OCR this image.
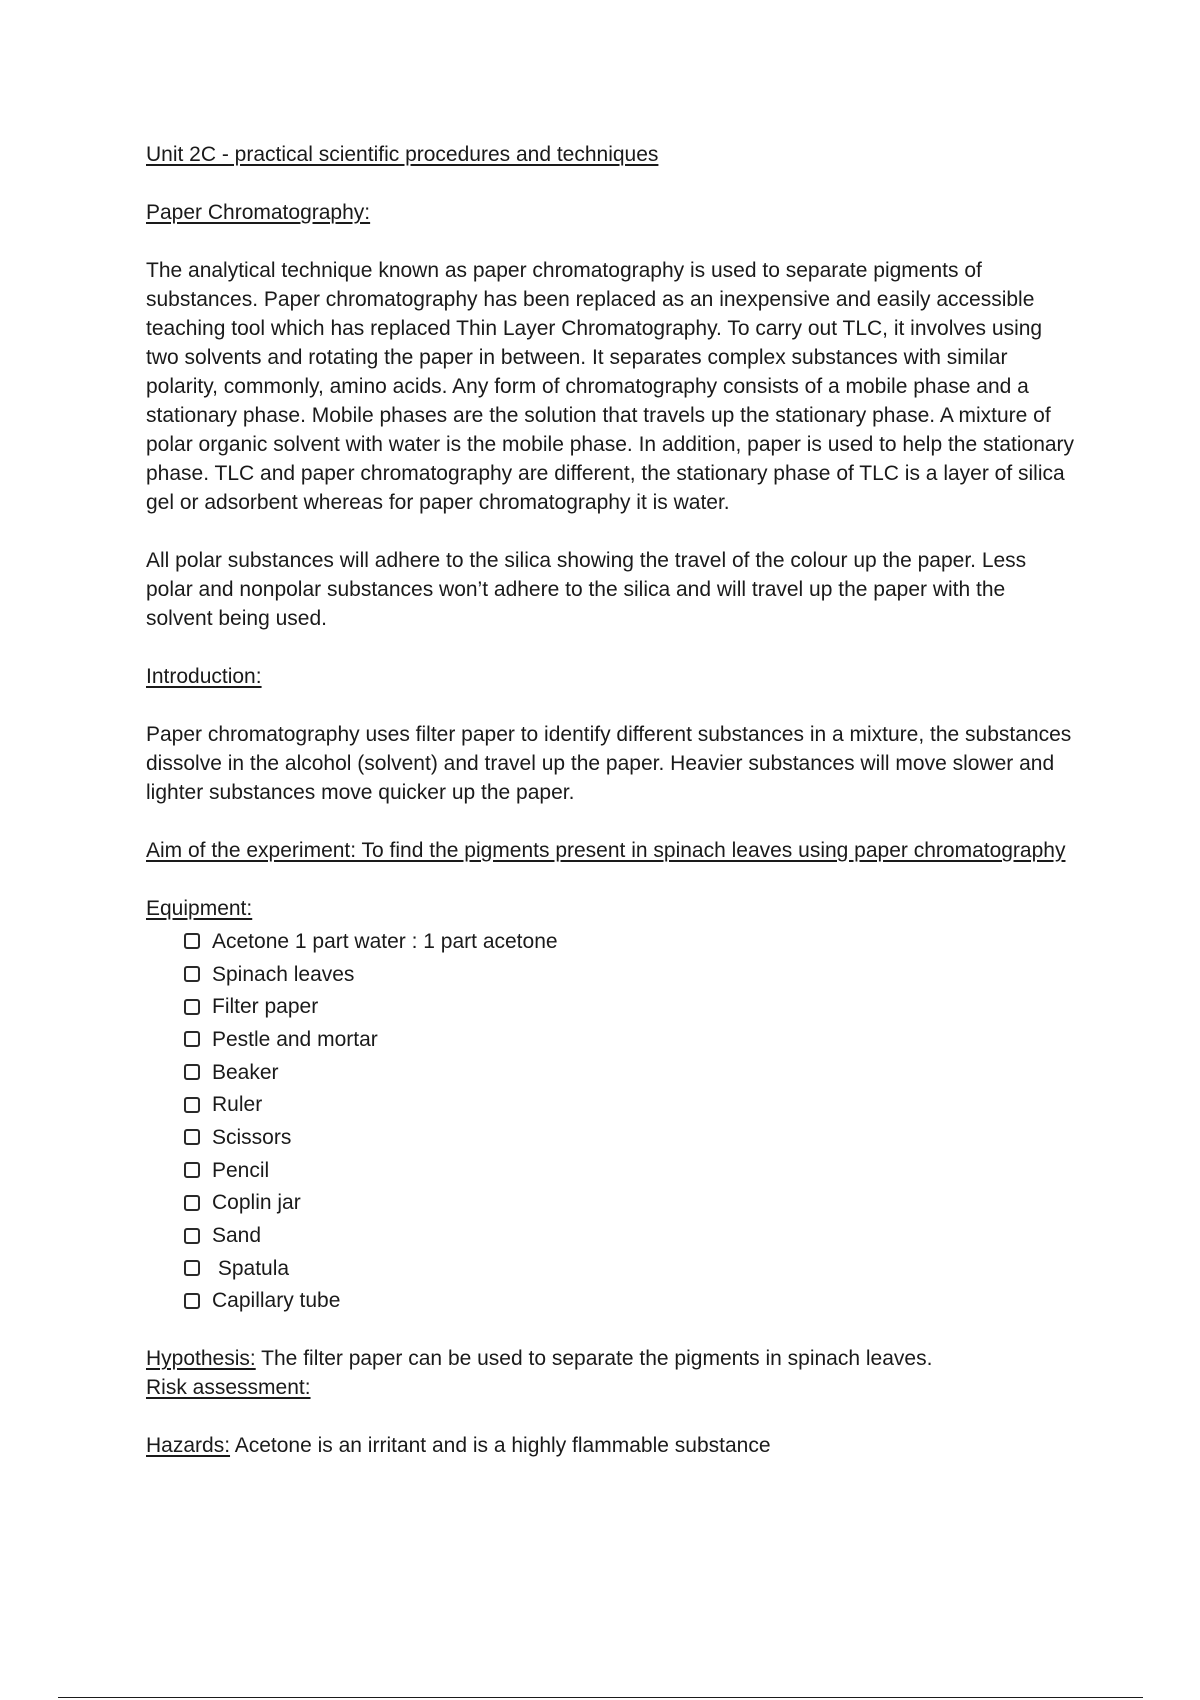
Unit 2C - practical scientific procedures and techniques

Paper Chromatography:

The analytical technique known as paper chromatography is used to separate pigments of substances. Paper chromatography has been replaced as an inexpensive and easily accessible teaching tool which has replaced Thin Layer Chromatography. To carry out TLC, it involves using two solvents and rotating the paper in between. It separates complex substances with similar polarity, commonly, amino acids. Any form of chromatography consists of a mobile phase and a stationary phase. Mobile phases are the solution that travels up the stationary phase. A mixture of polar organic solvent with water is the mobile phase. In addition, paper is used to help the stationary phase. TLC and paper chromatography are different, the stationary phase of TLC is a layer of silica gel or adsorbent whereas for paper chromatography it is water.

All polar substances will adhere to the silica showing the travel of the colour up the paper. Less polar and nonpolar substances won’t adhere to the silica and will travel up the paper with the solvent being used.

Introduction:

Paper chromatography uses filter paper to identify different substances in a mixture, the substances dissolve in the alcohol (solvent) and travel up the paper. Heavier substances will move slower and lighter substances move quicker up the paper.

Aim of the experiment: To find the pigments present in spinach leaves using paper chromatography

Equipment:

Acetone 1 part water : 1 part acetone
Spinach leaves
Filter paper
Pestle and mortar
Beaker
Ruler
Scissors
Pencil
Coplin jar
Sand
Spatula
Capillary tube

Hypothesis: The filter paper can be used to separate the pigments in spinach leaves.

Risk assessment:

Hazards: Acetone is an irritant and is a highly flammable substance
